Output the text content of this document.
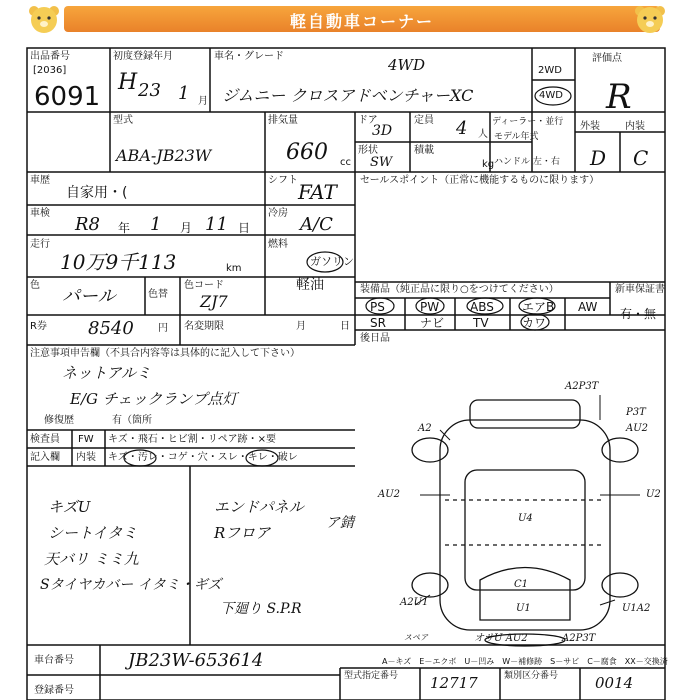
軽自動車コーナー
出品番号
[2036]
6091
初度登録年月
H 23 1 月
車名・グレード	4WD
ジムニー クロスアドベンチャーXC
2WD
4WD
評価点
R
型式
ABA-JB23W
排気量
660 cc
ドア
3D
定員 4 人
ディーラー・並行
モデル年式
形状
SW
積載
kg ハンドル 左・右
外装	内装
D C
車歴
自家用・(
シフト FAT セールスポイント（正常に機能するものに限ります）
車検
R8 年 1 月 11 日
冷房
A/C
走行
10万9千113	km
燃料
ガソリン
軽油
色
パール	色替
色コード
ZJ7
装備品（純正品に限り○をつけてください）	新車保証書
PS	PW	ABS エアB AW
SR	ナビ TV	カワ
有・無
後日品
R券 8540 円 名変期限	月	日
注意事項申告欄（不具合内容等は具体的に記入して下さい）
ネットアルミ
E/G チェックランプ点灯
修復歴	有（箇所
検査員
記入欄
FW キズ・飛石・ヒビ割・リペア跡・×要
内装 キズ・汚レ・コゲ・穴・スレ・キレ・破レ
キズU
シートイタミ
天バリ ミミ九
Sタイヤカバー イタミ・ギズ
エンドパネル
Rフロア
ア錆
下廻り S.P.R
A2P3T
P3T
A2	AU2
AU2	U2
U4
C1
U1
A2U1
U1A2
オサU AU2	A2P3T
スペア
A－キズ　E－エクボ　U－凹み　W－補修跡　S－サビ　C－腐食　XX－交換済
車台番号	JB23W-653614
登録番号
型式指定番号 12717	類別区分番号 0014
